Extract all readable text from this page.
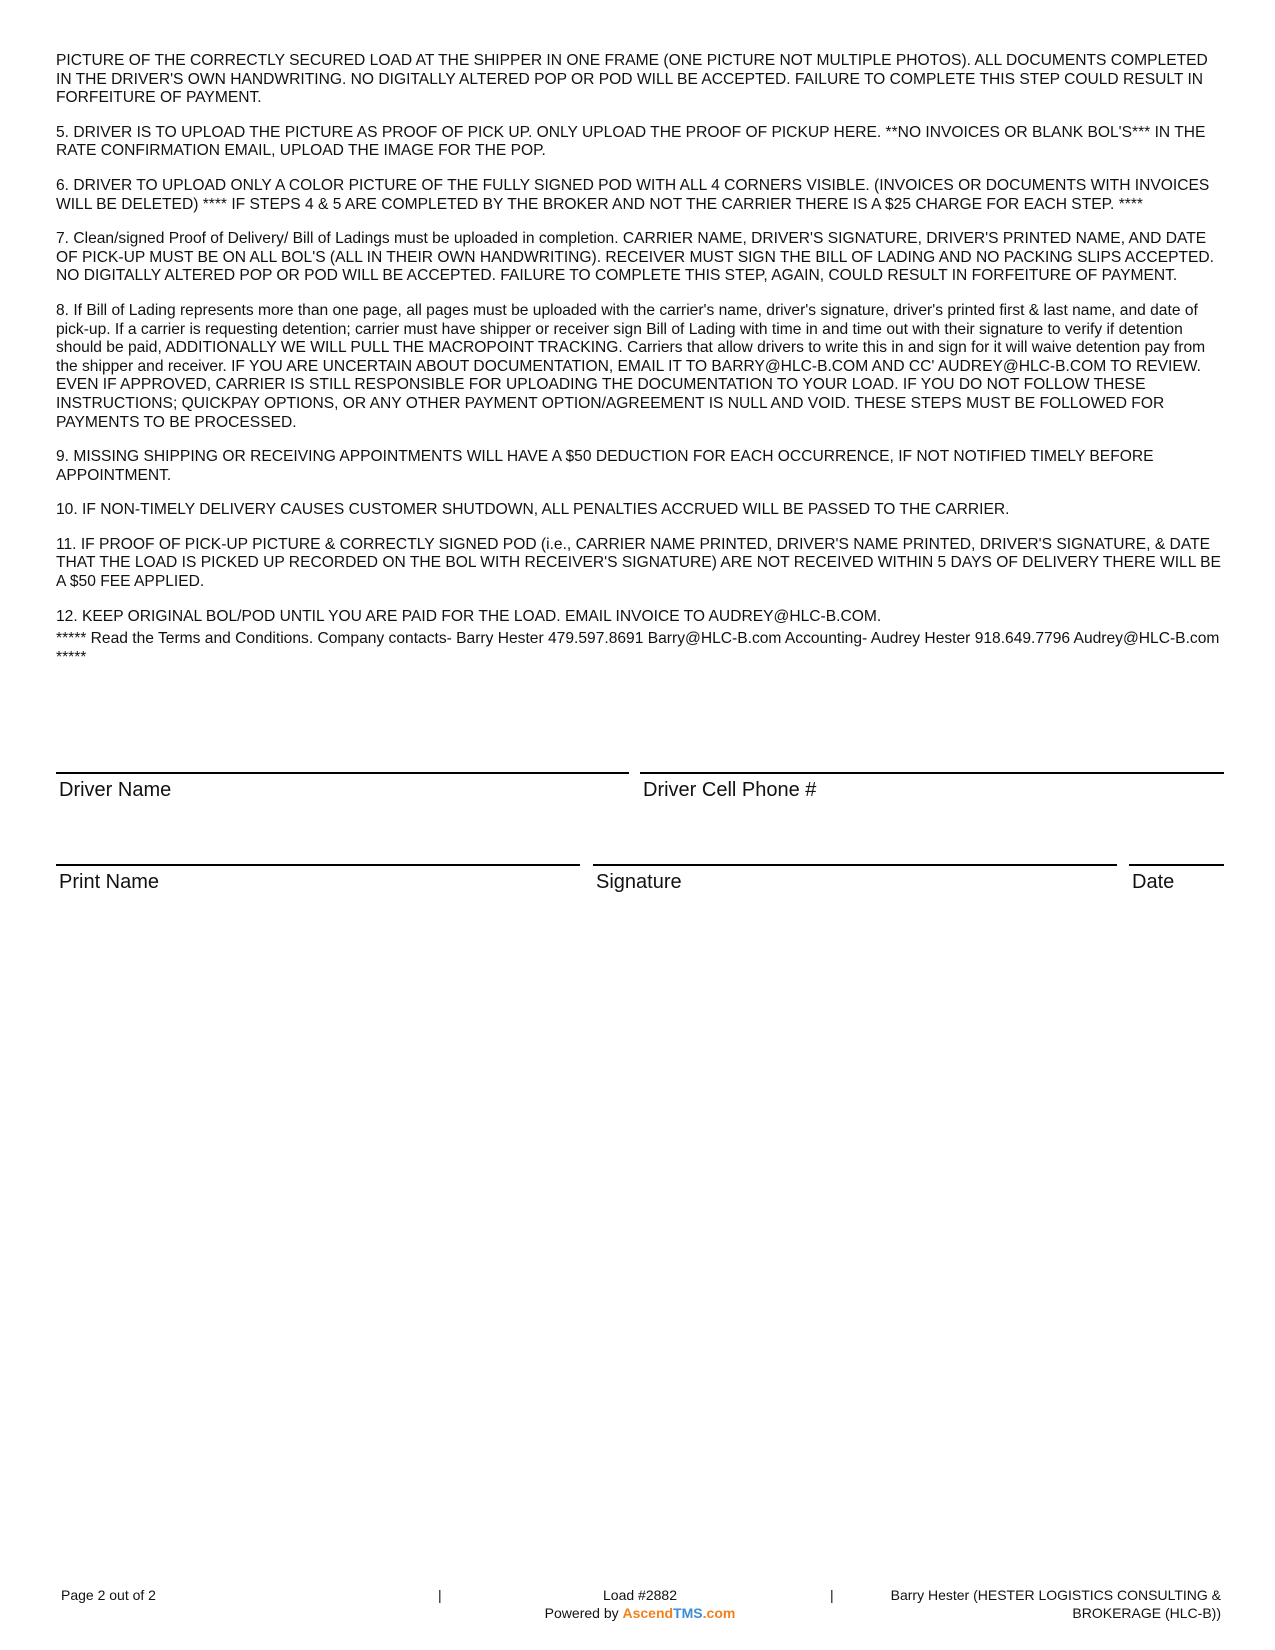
PICTURE OF THE CORRECTLY SECURED LOAD AT THE SHIPPER IN ONE FRAME (ONE PICTURE NOT MULTIPLE PHOTOS). ALL DOCUMENTS COMPLETED IN THE DRIVER'S OWN HANDWRITING. NO DIGITALLY ALTERED POP OR POD WILL BE ACCEPTED. FAILURE TO COMPLETE THIS STEP COULD RESULT IN FORFEITURE OF PAYMENT.

5. DRIVER IS TO UPLOAD THE PICTURE AS PROOF OF PICK UP. ONLY UPLOAD THE PROOF OF PICKUP HERE. **NO INVOICES OR BLANK BOL'S*** IN THE RATE CONFIRMATION EMAIL, UPLOAD THE IMAGE FOR THE POP.

6. DRIVER TO UPLOAD ONLY A COLOR PICTURE OF THE FULLY SIGNED POD WITH ALL 4 CORNERS VISIBLE. (INVOICES OR DOCUMENTS WITH INVOICES WILL BE DELETED) **** IF STEPS 4 & 5 ARE COMPLETED BY THE BROKER AND NOT THE CARRIER THERE IS A $25 CHARGE FOR EACH STEP. ****

7. Clean/signed Proof of Delivery/ Bill of Ladings must be uploaded in completion. CARRIER NAME, DRIVER'S SIGNATURE, DRIVER'S PRINTED NAME, AND DATE OF PICK-UP MUST BE ON ALL BOL'S (ALL IN THEIR OWN HANDWRITING). RECEIVER MUST SIGN THE BILL OF LADING AND NO PACKING SLIPS ACCEPTED. NO DIGITALLY ALTERED POP OR POD WILL BE ACCEPTED. FAILURE TO COMPLETE THIS STEP, AGAIN, COULD RESULT IN FORFEITURE OF PAYMENT.

8. If Bill of Lading represents more than one page, all pages must be uploaded with the carrier's name, driver's signature, driver's printed first & last name, and date of pick-up. If a carrier is requesting detention; carrier must have shipper or receiver sign Bill of Lading with time in and time out with their signature to verify if detention should be paid, ADDITIONALLY WE WILL PULL THE MACROPOINT TRACKING. Carriers that allow drivers to write this in and sign for it will waive detention pay from the shipper and receiver. IF YOU ARE UNCERTAIN ABOUT DOCUMENTATION, EMAIL IT TO BARRY@HLC-B.COM AND CC' AUDREY@HLC-B.COM TO REVIEW. EVEN IF APPROVED, CARRIER IS STILL RESPONSIBLE FOR UPLOADING THE DOCUMENTATION TO YOUR LOAD. IF YOU DO NOT FOLLOW THESE INSTRUCTIONS; QUICKPAY OPTIONS, OR ANY OTHER PAYMENT OPTION/AGREEMENT IS NULL AND VOID. THESE STEPS MUST BE FOLLOWED FOR PAYMENTS TO BE PROCESSED.

9. MISSING SHIPPING OR RECEIVING APPOINTMENTS WILL HAVE A $50 DEDUCTION FOR EACH OCCURRENCE, IF NOT NOTIFIED TIMELY BEFORE APPOINTMENT.

10. IF NON-TIMELY DELIVERY CAUSES CUSTOMER SHUTDOWN, ALL PENALTIES ACCRUED WILL BE PASSED TO THE CARRIER.

11. IF PROOF OF PICK-UP PICTURE & CORRECTLY SIGNED POD (i.e., CARRIER NAME PRINTED, DRIVER'S NAME PRINTED, DRIVER'S SIGNATURE, & DATE THAT THE LOAD IS PICKED UP RECORDED ON THE BOL WITH RECEIVER'S SIGNATURE) ARE NOT RECEIVED WITHIN 5 DAYS OF DELIVERY THERE WILL BE A $50 FEE APPLIED.

12. KEEP ORIGINAL BOL/POD UNTIL YOU ARE PAID FOR THE LOAD. EMAIL INVOICE TO AUDREY@HLC-B.COM.

***** Read the Terms and Conditions. Company contacts- Barry Hester 479.597.8691 Barry@HLC-B.com Accounting- Audrey Hester 918.649.7796 Audrey@HLC-B.com *****

Driver Name	Driver Cell Phone #
Print Name	Signature	Date
Page 2 out of 2	|	Load #2882
Powered by AscendTMS.com
|	Barry Hester (HESTER LOGISTICS CONSULTING &
BROKERAGE (HLC-B))
